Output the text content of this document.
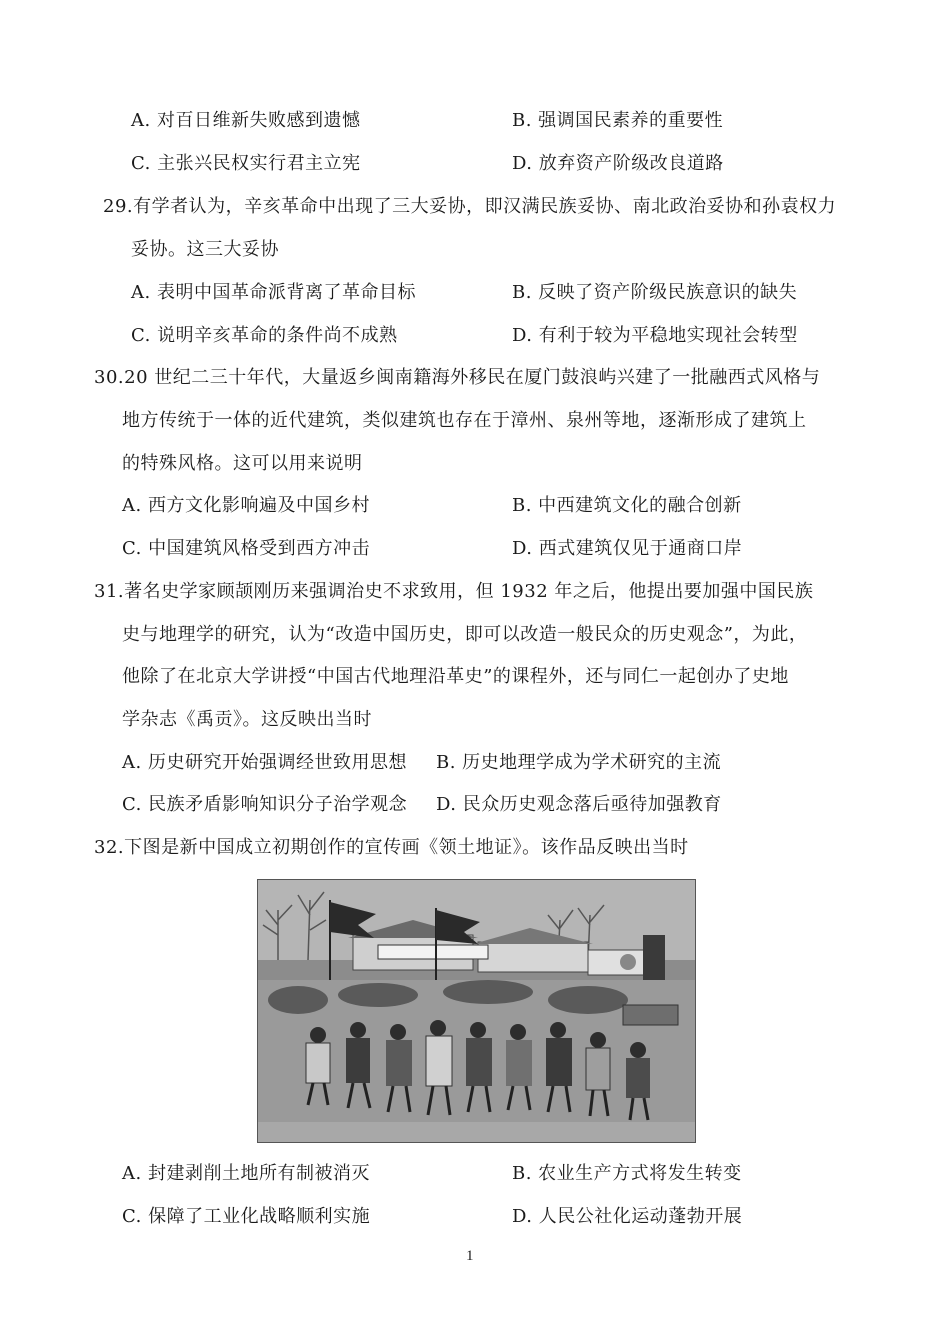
A. 对百日维新失败感到遗憾	B. 强调国民素养的重要性
C. 主张兴民权实行君主立宪	D. 放弃资产阶级改良道路
29.有学者认为，辛亥革命中出现了三大妥协，即汉满民族妥协、南北政治妥协和孙袁权力
妥协。这三大妥协
A. 表明中国革命派背离了革命目标	B. 反映了资产阶级民族意识的缺失
C. 说明辛亥革命的条件尚不成熟	D. 有利于较为平稳地实现社会转型
30.20 世纪二三十年代，大量返乡闽南籍海外移民在厦门鼓浪屿兴建了一批融西式风格与
地方传统于一体的近代建筑，类似建筑也存在于漳州、泉州等地，逐渐形成了建筑上
的特殊风格。这可以用来说明
A. 西方文化影响遍及中国乡村	B. 中西建筑文化的融合创新
C. 中国建筑风格受到西方冲击	D. 西式建筑仅见于通商口岸
31.著名史学家顾颉刚历来强调治史不求致用，但 1932 年之后，他提出要加强中国民族
史与地理学的研究，认为“改造中国历史，即可以改造一般民众的历史观念”，为此，
他除了在北京大学讲授“中国古代地理沿革史”的课程外，还与同仁一起创办了史地
学杂志《禹贡》。这反映出当时
A. 历史研究开始强调经世致用思想 B. 历史地理学成为学术研究的主流
C. 民族矛盾影响知识分子治学观念 D. 民众历史观念落后亟待加强教育
32.下图是新中国成立初期创作的宣传画《领土地证》。该作品反映出当时
A. 封建剥削土地所有制被消灭	B. 农业生产方式将发生转变
C. 保障了工业化战略顺利实施	D. 人民公社化运动蓬勃开展
1
